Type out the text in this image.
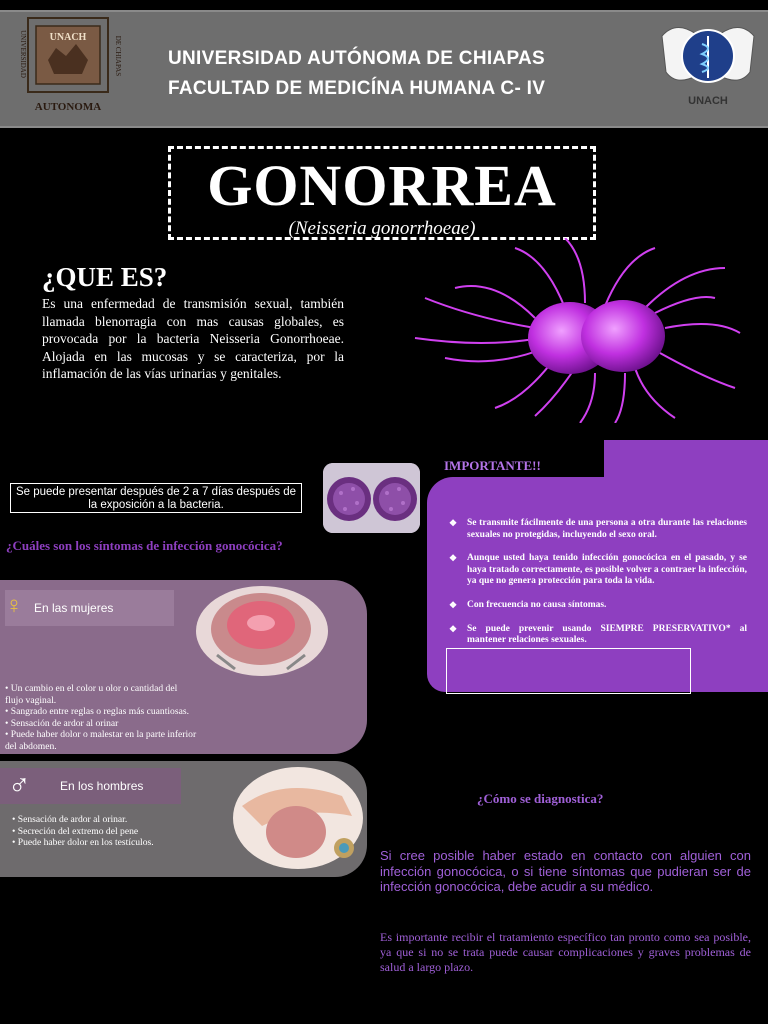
UNACH
UNIVERSIDAD	DE CHIAPAS
AUTONOMA
UNIVERSIDAD AUTÓNOMA DE CHIAPAS
FACULTAD DE MEDICÍNA HUMANA C- IV
UNACH
GONORREA
(Neisseria gonorrhoeae)
¿QUE ES?
Es una enfermedad de transmisión sexual, también llamada blenorragia con mas causas globales, es provocada por la bacteria Neisseria Gonorrhoeae. Alojada en las mucosas y se caracteriza, por la inflamación de las vías urinarias y genitales.
Se puede presentar después de 2 a 7 días después de la exposición a la bacteria.
IMPORTANTE!!
❖ Se transmite fácilmente de una persona a otra durante las relaciones sexuales no protegidas, incluyendo el sexo oral.
❖ Aunque usted haya tenido infección gonocócica en el pasado, y se haya tratado correctamente, es posible volver a contraer la infección, ya que no genera protección para toda la vida.
❖ Con frecuencia no causa síntomas.
❖ Se puede prevenir usando SIEMPRE PRESERVATIVO* al mantener relaciones sexuales.
¿Cuáles son los síntomas de infección gonocócica?
♀ En las mujeres
• Un cambio en el color u olor o cantidad del
flujo vaginal.
• Sangrado entre reglas o reglas más cuantiosas.
• Sensación de ardor al orinar
• Puede haber dolor o malestar en la parte inferior
del abdomen.
♂ En los hombres
• Sensación de ardor al orinar.
• Secreción del extremo del pene
• Puede haber dolor en los testículos.
¿Cómo se diagnostica?
Si cree posible haber estado en contacto con alguien con infección gonocócica, o si tiene síntomas que pudieran ser de infección gonocócica, debe acudir a su médico.
Es importante recibir el tratamiento específico tan pronto como sea posible, ya que si no se trata puede causar complicaciones y graves problemas de salud a largo plazo.
